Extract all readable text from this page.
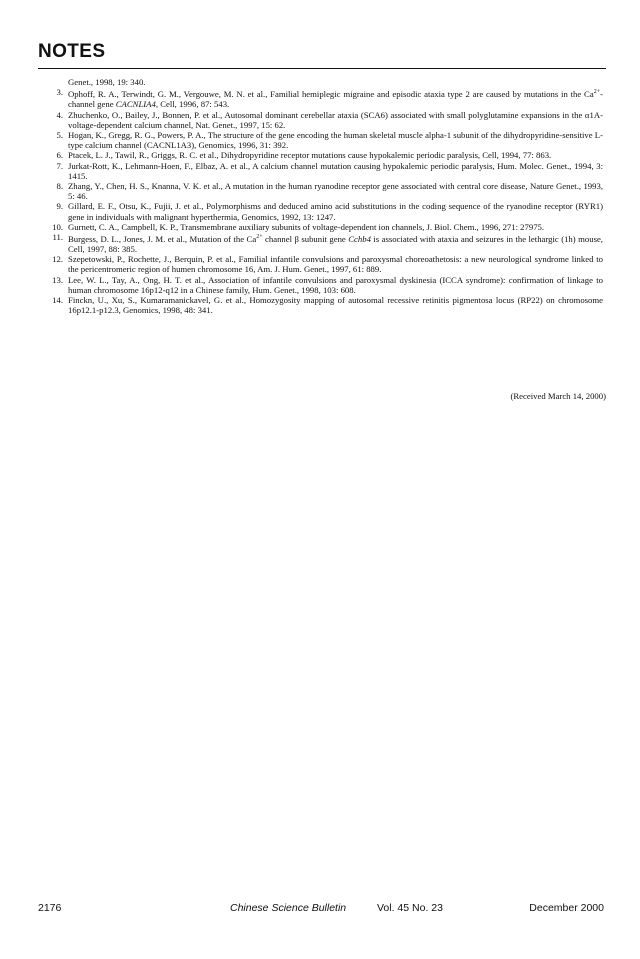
NOTES
Genet., 1998, 19: 340.
3. Ophoff, R. A., Terwindt, G. M., Vergouwe, M. N. et al., Familial hemiplegic migraine and episodic ataxia type 2 are caused by mutations in the $Ca^{2+}$-channel gene CACNLIA4, Cell, 1996, 87: 543.
4. Zhuchenko, O., Bailey, J., Bonnen, P. et al., Autosomal dominant cerebellar ataxia (SCA6) associated with small polyglutamine expansions in the α1A-voltage-dependent calcium channel, Nat. Genet., 1997, 15: 62.
5. Hogan, K., Gregg, R. G., Powers, P. A., The structure of the gene encoding the human skeletal muscle alpha-1 subunit of the dihydropyridine-sensitive L-type calcium channel (CACNL1A3), Genomics, 1996, 31: 392.
6. Ptacek, L. J., Tawil, R., Griggs, R. C. et al., Dihydropyridine receptor mutations cause hypokalemic periodic paralysis, Cell, 1994, 77: 863.
7. Jurkat-Rott, K., Lehmann-Hoen, F., Elbaz, A. et al., A calcium channel mutation causing hypokalemic periodic paralysis, Hum. Molec. Genet., 1994, 3: 1415.
8. Zhang, Y., Chen, H. S., Knanna, V. K. et al., A mutation in the human ryanodine receptor gene associated with central core disease, Nature Genet., 1993, 5: 46.
9. Gillard, E. F., Otsu, K., Fujii, J. et al., Polymorphisms and deduced amino acid substitutions in the coding sequence of the ryanodine receptor (RYR1) gene in individuals with malignant hyperthermia, Genomics, 1992, 13: 1247.
10. Gurnett, C. A., Campbell, K. P., Transmembrane auxiliary subunits of voltage-dependent ion channels, J. Biol. Chem., 1996, 271: 27975.
11. Burgess, D. L., Jones, J. M. et al., Mutation of the $Ca^{2+}$ channel β subunit gene Cchb4 is associated with ataxia and seizures in the lethargic (1h) mouse, Cell, 1997, 88: 385.
12. Szepetowski, P., Rochette, J., Berquin, P. et al., Familial infantile convulsions and paroxysmal choreoathetosis: a new neurological syndrome linked to the pericentromeric region of humen chromosome 16, Am. J. Hum. Genet., 1997, 61: 889.
13. Lee, W. L., Tay, A., Ong, H. T. et al., Association of infantile convulsions and paroxysmal dyskinesia (ICCA syndrome): confirmation of linkage to human chromosome 16p12-q12 in a Chinese family, Hum. Genet., 1998, 103: 608.
14. Finckn, U., Xu, S., Kumaramanickavel, G. et al., Homozygosity mapping of autosomal recessive retinitis pigmentosa locus (RP22) on chromosome 16p12.1-p12.3, Genomics, 1998, 48: 341.
(Received March 14, 2000)
2176	Chinese Science Bulletin	Vol. 45 No. 23	December 2000
